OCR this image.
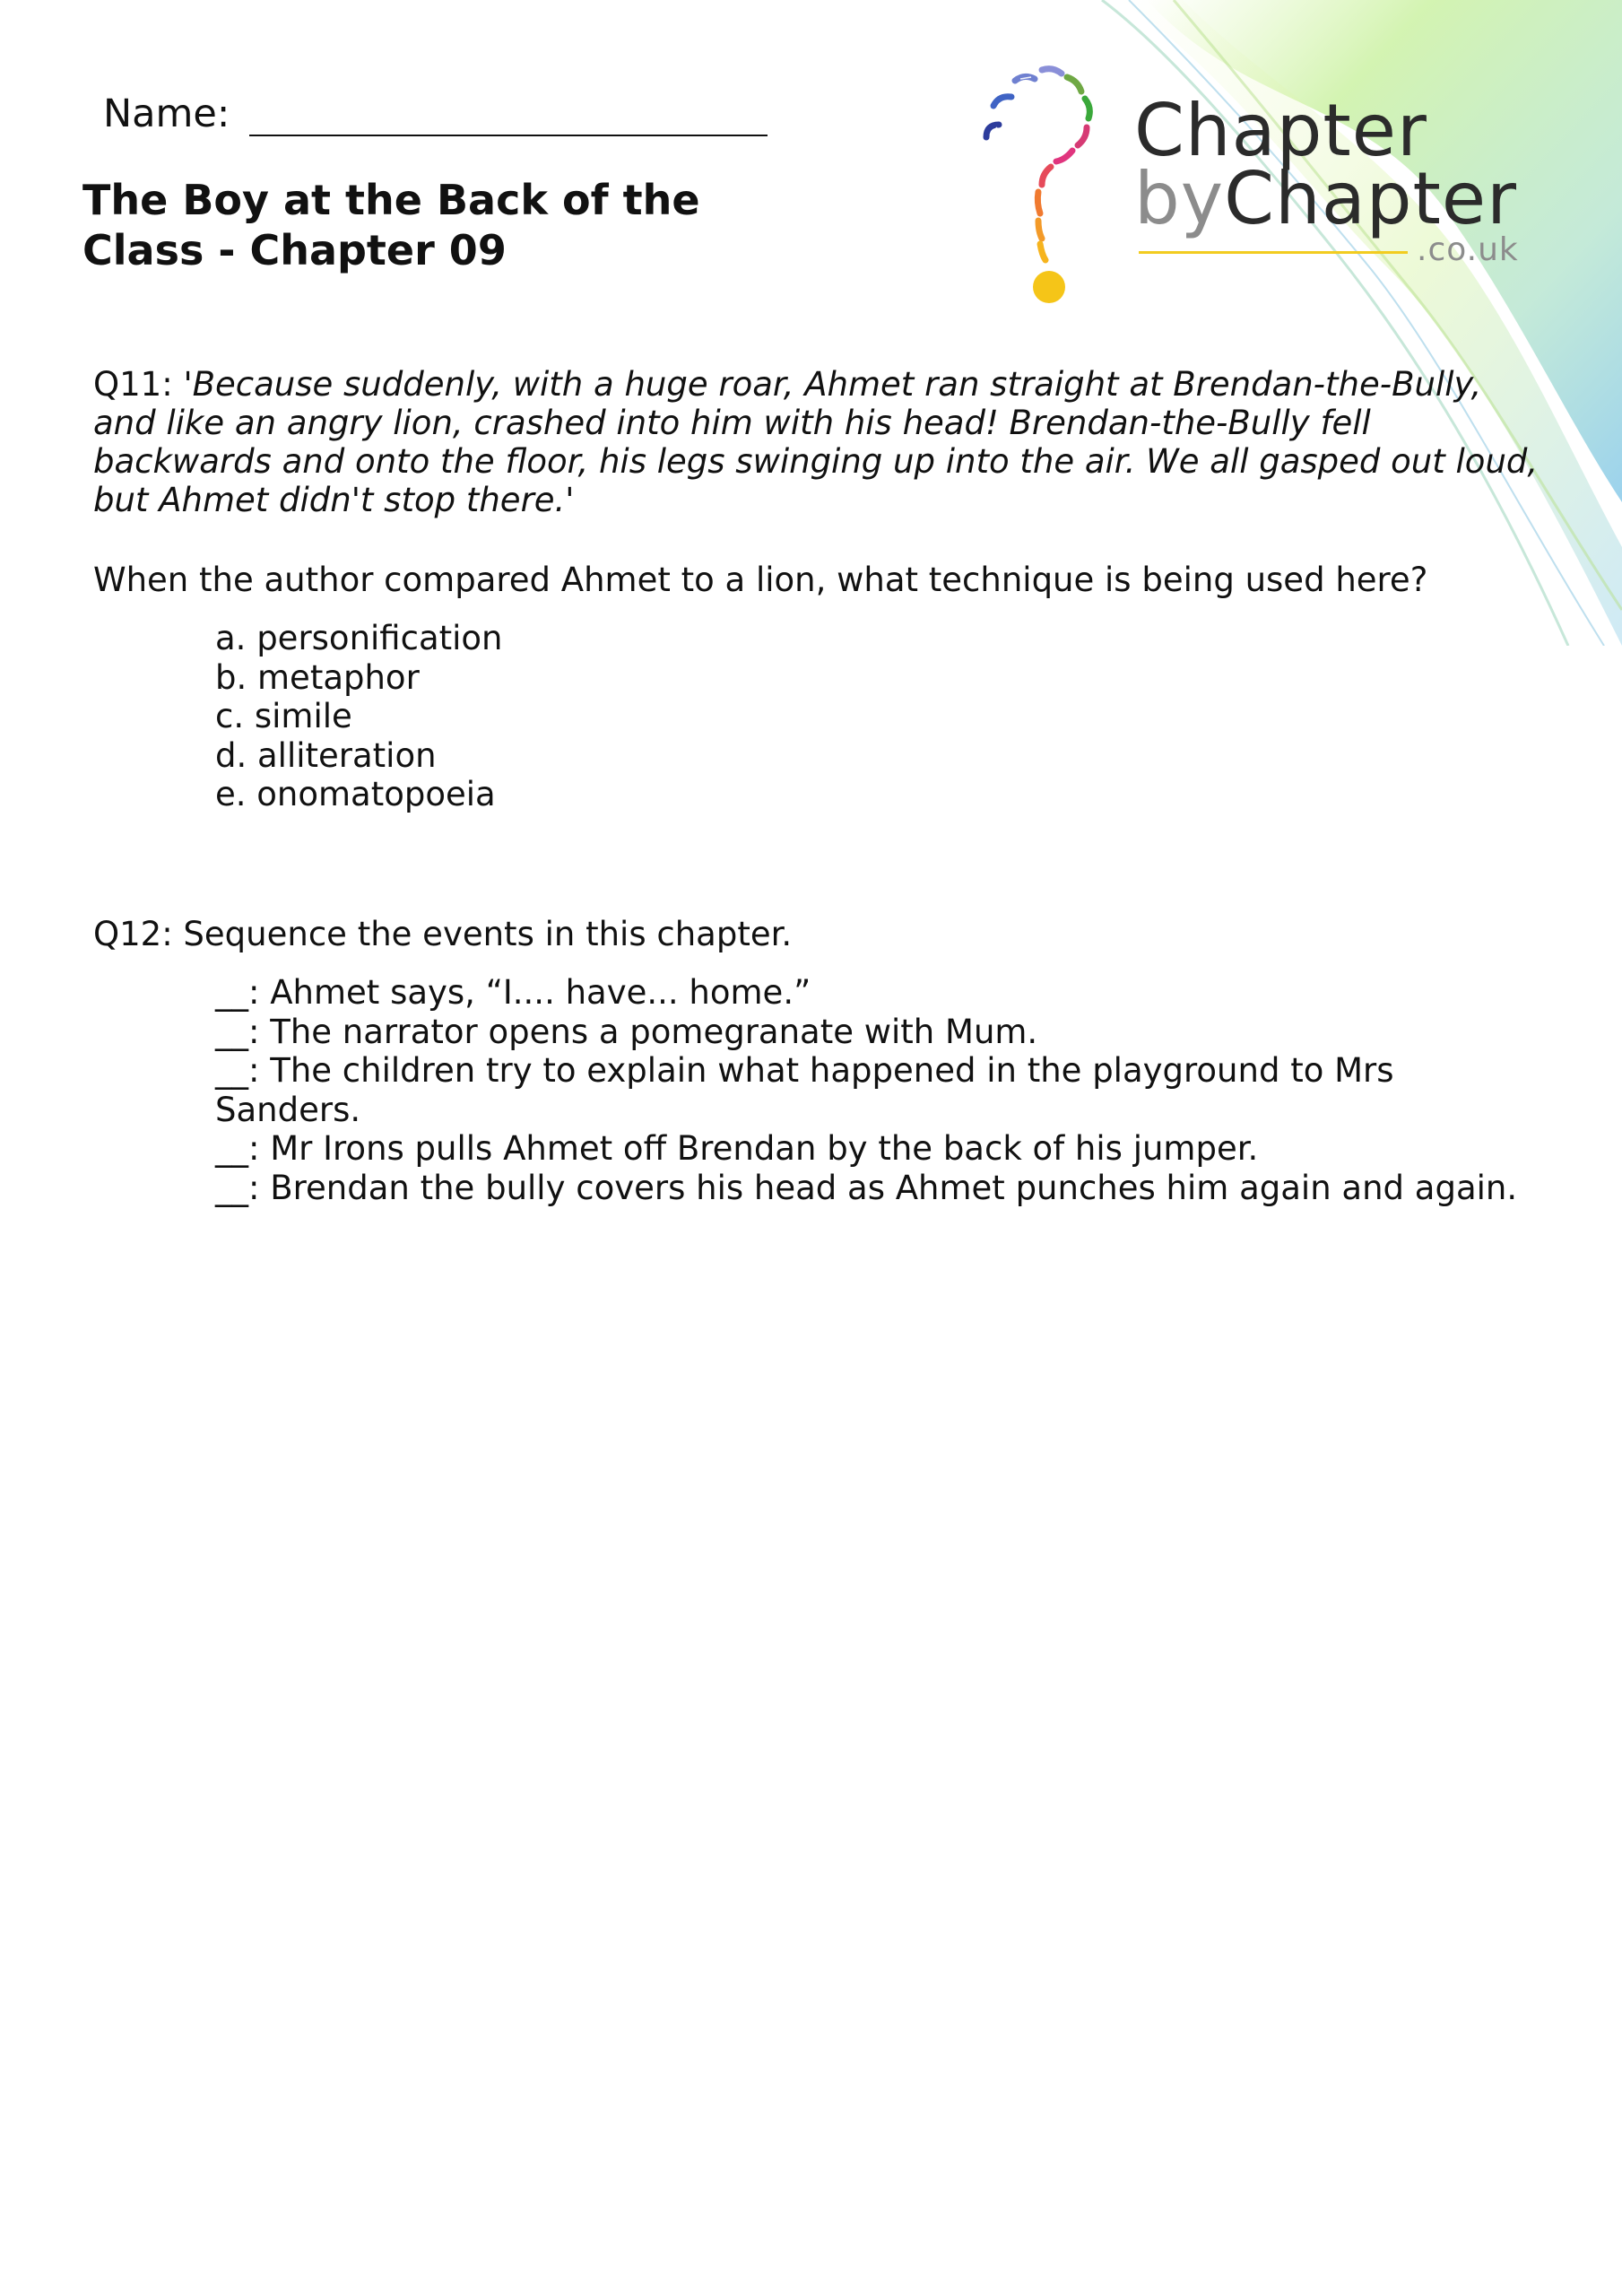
Name:
The Boy at the Back of the Class - Chapter 09
Chapter
byChapter
.co.uk

Q11: 'Because suddenly, with a huge roar, Ahmet ran straight at Brendan-the-Bully, and like an angry lion, crashed into him with his head! Brendan-the-Bully fell backwards and onto the floor, his legs swinging up into the air. We all gasped out loud, but Ahmet didn't stop there.'

When the author compared Ahmet to a lion, what technique is being used here?

a. personification
b. metaphor
c. simile
d. alliteration
e. onomatopoeia

Q12: Sequence the events in this chapter.

__: Ahmet says, “I.... have... home.”
__: The narrator opens a pomegranate with Mum.
__: The children try to explain what happened in the playground to Mrs Sanders.
__: Mr Irons pulls Ahmet off Brendan by the back of his jumper.
__: Brendan the bully covers his head as Ahmet punches him again and again.
